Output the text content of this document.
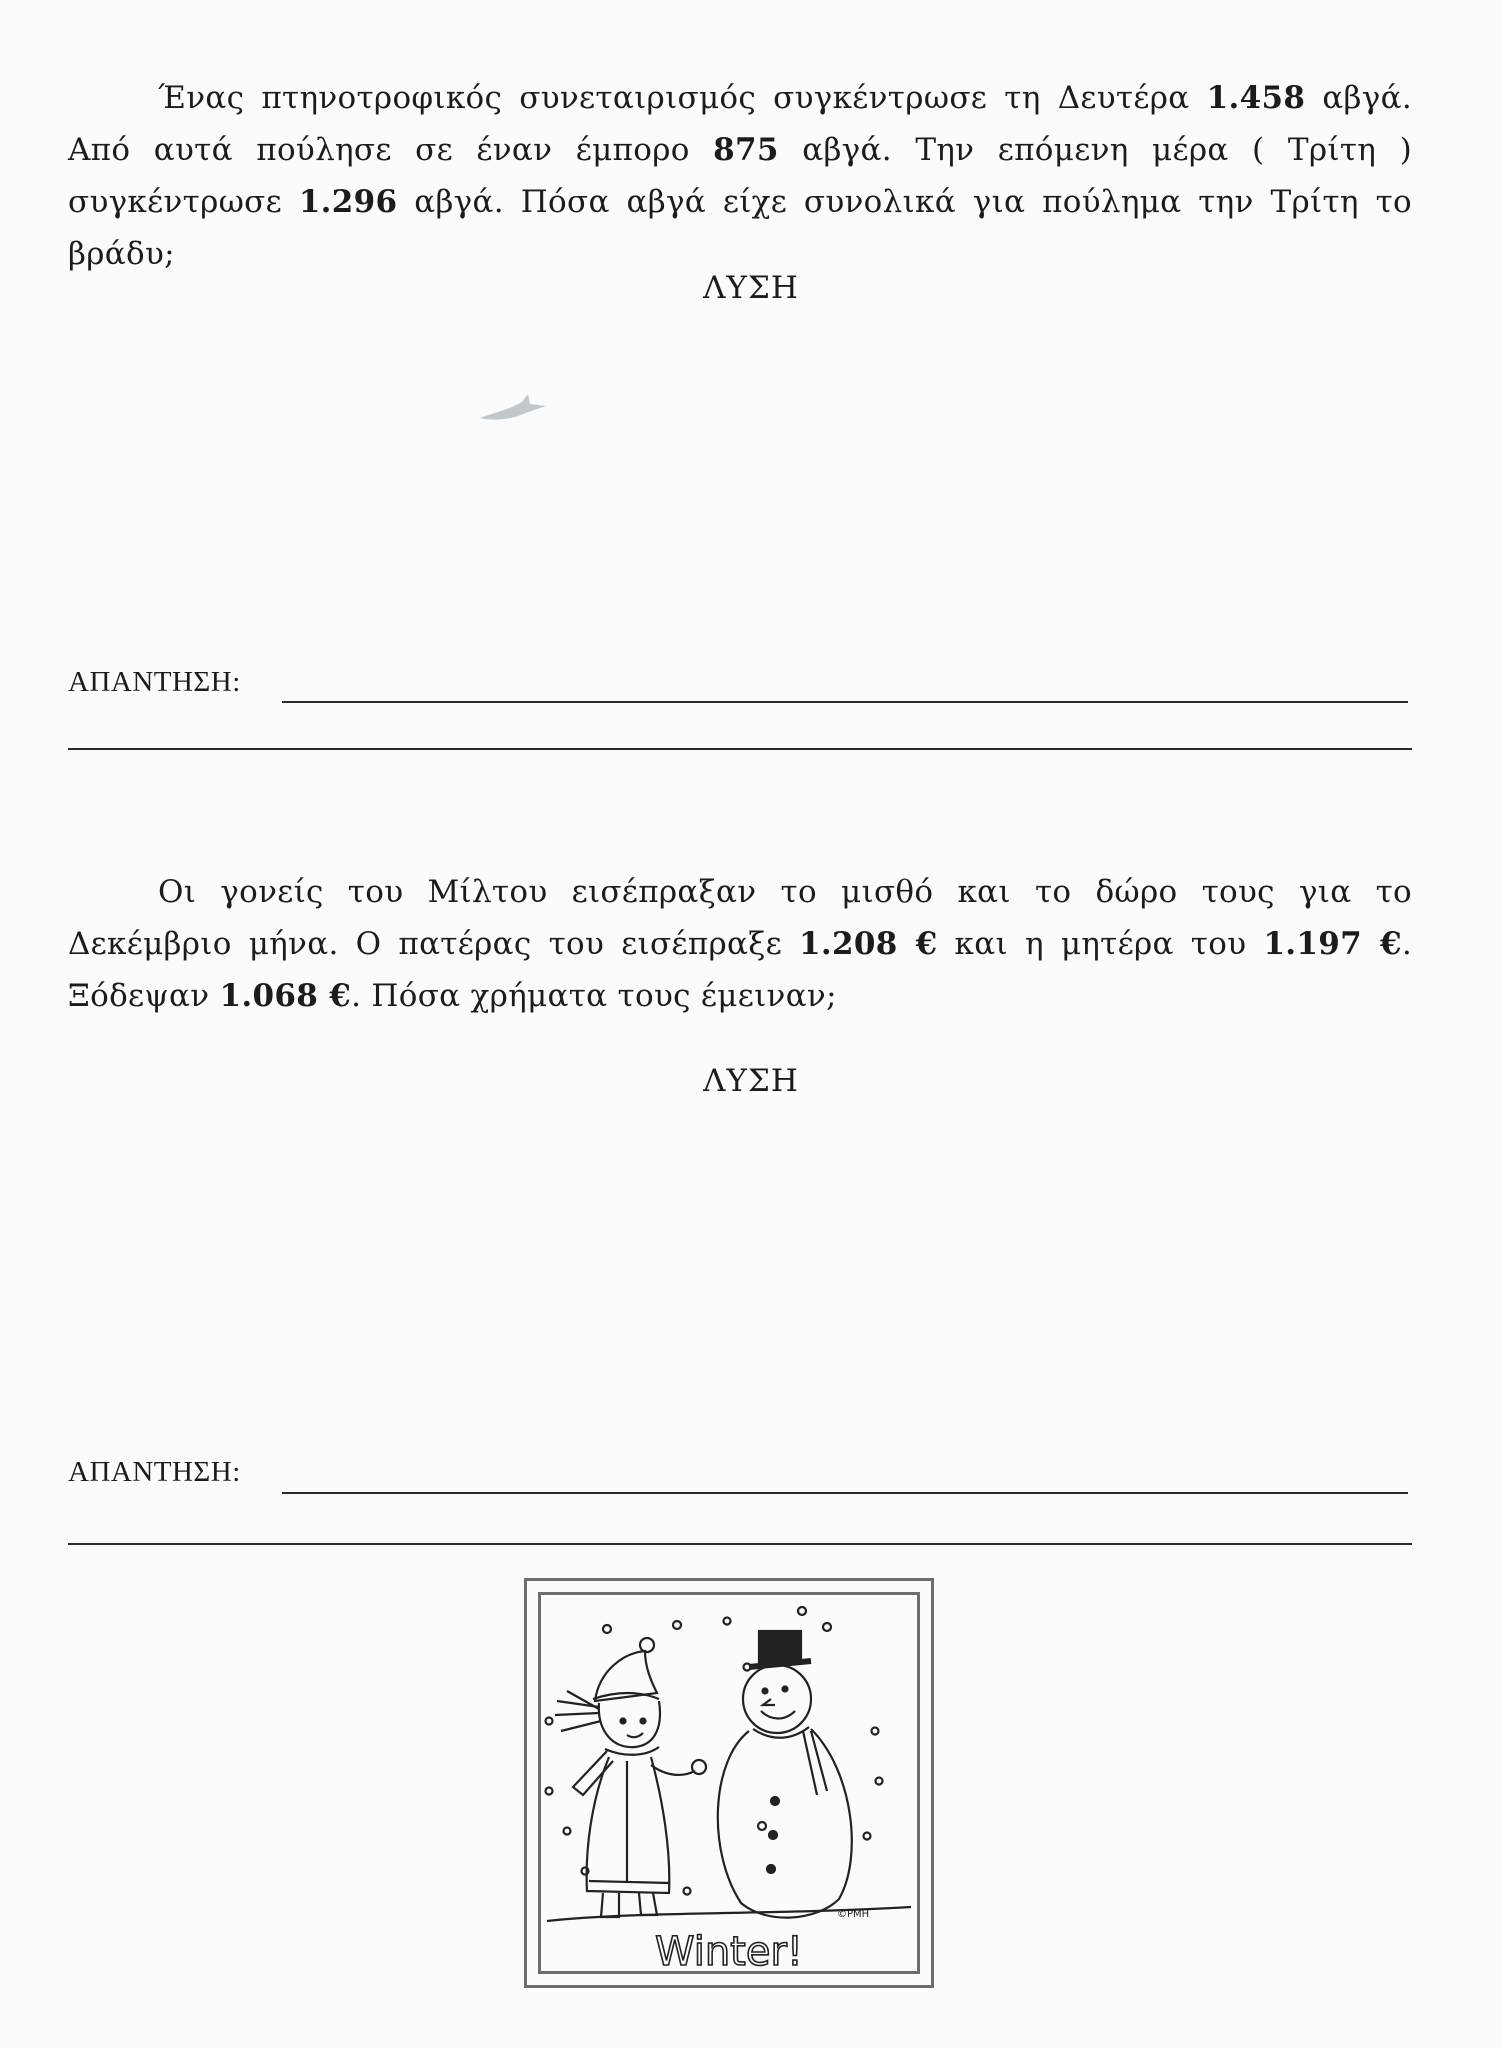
Ένας πτηνοτροφικός συνεταιρισμός συγκέντρωσε τη Δευτέρα 1.458 αβγά. Από αυτά πούλησε σε έναν έμπορο 875 αβγά. Την επόμενη μέρα ( Τρίτη ) συγκέντρωσε 1.296 αβγά. Πόσα αβγά είχε συνολικά για πούλημα την Τρίτη το βράδυ;

ΛΥΣΗ
ΑΠΑΝΤΗΣΗ:

Οι γονείς του Μίλτου εισέπραξαν το μισθό και το δώρο τους για το Δεκέμβριο μήνα. Ο πατέρας του εισέπραξε 1.208 € και η μητέρα του 1.197 €. Ξόδεψαν 1.068 €. Πόσα χρήματα τους έμειναν;

ΛΥΣΗ
ΑΠΑΝΤΗΣΗ:
©PMH
Winter!
